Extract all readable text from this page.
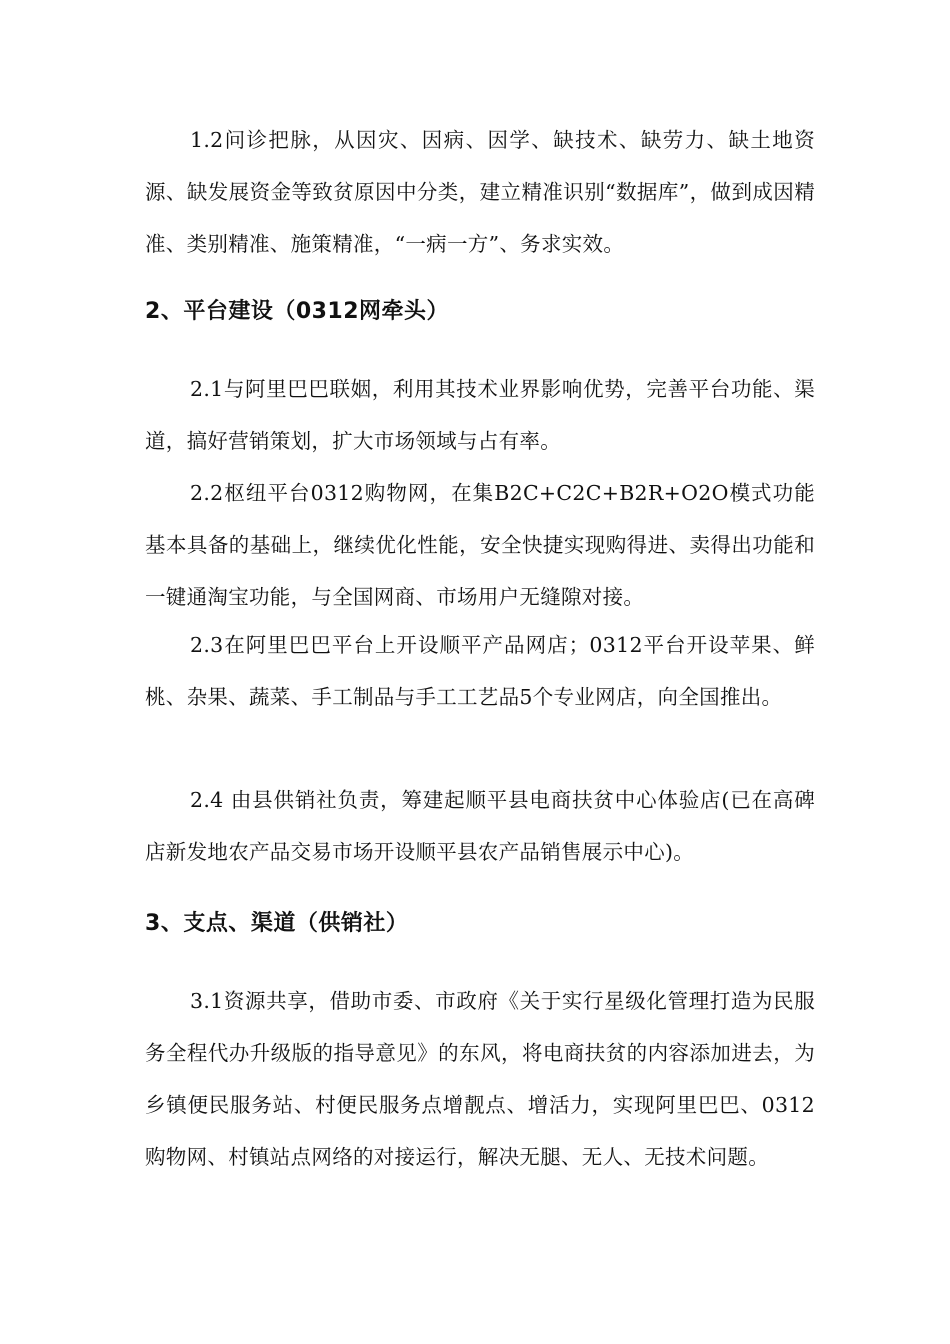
1.2问诊把脉，从因灾、因病、因学、缺技术、缺劳力、缺土地资源、缺发展资金等致贫原因中分类，建立精准识别“数据库”，做到成因精准、类别精准、施策精准，“一病一方”、务求实效。

2、平台建设（0312网牵头）

2.1与阿里巴巴联姻，利用其技术业界影响优势，完善平台功能、渠道，搞好营销策划，扩大市场领域与占有率。

2.2枢纽平台0312购物网，在集B2C+C2C+B2R+O2O模式功能基本具备的基础上，继续优化性能，安全快捷实现购得进、卖得出功能和一键通淘宝功能，与全国网商、市场用户无缝隙对接。

2.3在阿里巴巴平台上开设顺平产品网店；0312平台开设苹果、鲜桃、杂果、蔬菜、手工制品与手工工艺品5个专业网店，向全国推出。

2.4 由县供销社负责，筹建起顺平县电商扶贫中心体验店(已在高碑店新发地农产品交易市场开设顺平县农产品销售展示中心)。

3、支点、渠道（供销社）

3.1资源共享，借助市委、市政府《关于实行星级化管理打造为民服务全程代办升级版的指导意见》的东风，将电商扶贫的内容添加进去，为乡镇便民服务站、村便民服务点增靓点、增活力，实现阿里巴巴、0312购物网、村镇站点网络的对接运行，解决无腿、无人、无技术问题。
